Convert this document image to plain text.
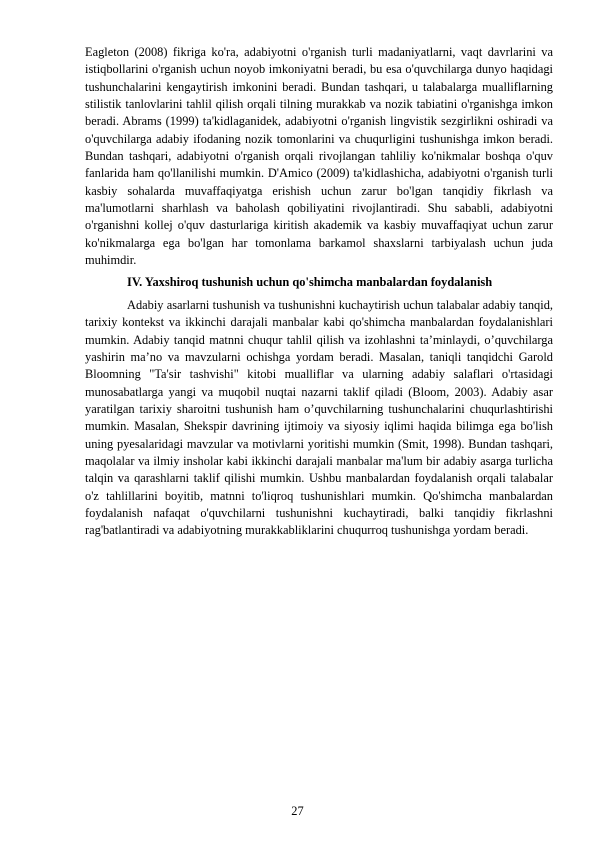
Eagleton (2008) fikriga ko'ra, adabiyotni o'rganish turli madaniyatlarni, vaqt davrlarini va istiqbollarini o'rganish uchun noyob imkoniyatni beradi, bu esa o'quvchilarga dunyo haqidagi tushunchalarini kengaytirish imkonini beradi. Bundan tashqari, u talabalarga mualliflarning stilistik tanlovlarini tahlil qilish orqali tilning murakkab va nozik tabiatini o'rganishga imkon beradi. Abrams (1999) ta'kidlaganidek, adabiyotni o'rganish lingvistik sezgirlikni oshiradi va o'quvchilarga adabiy ifodaning nozik tomonlarini va chuqurligini tushunishga imkon beradi. Bundan tashqari, adabiyotni o'rganish orqali rivojlangan tahliliy ko'nikmalar boshqa o'quv fanlarida ham qo'llanilishi mumkin. D'Amico (2009) ta'kidlashicha, adabiyotni o'rganish turli kasbiy sohalarda muvaffaqiyatga erishish uchun zarur bo'lgan tanqidiy fikrlash va ma'lumotlarni sharhlash va baholash qobiliyatini rivojlantiradi. Shu sababli, adabiyotni o'rganishni kollej o'quv dasturlariga kiritish akademik va kasbiy muvaffaqiyat uchun zarur ko'nikmalarga ega bo'lgan har tomonlama barkamol shaxslarni tarbiyalash uchun juda muhimdir.

IV. Yaxshiroq tushunish uchun qo'shimcha manbalardan foydalanish

Adabiy asarlarni tushunish va tushunishni kuchaytirish uchun talabalar adabiy tanqid, tarixiy kontekst va ikkinchi darajali manbalar kabi qo'shimcha manbalardan foydalanishlari mumkin. Adabiy tanqid matnni chuqur tahlil qilish va izohlashni ta’minlaydi, o’quvchilarga yashirin ma’no va mavzularni ochishga yordam beradi. Masalan, taniqli tanqidchi Garold Bloomning "Ta'sir tashvishi" kitobi mualliflar va ularning adabiy salaflari o'rtasidagi munosabatlarga yangi va muqobil nuqtai nazarni taklif qiladi (Bloom, 2003). Adabiy asar yaratilgan tarixiy sharoitni tushunish ham o’quvchilarning tushunchalarini chuqurlashtirishi mumkin. Masalan, Shekspir davrining ijtimoiy va siyosiy iqlimi haqida bilimga ega bo'lish uning pyesalaridagi mavzular va motivlarni yoritishi mumkin (Smit, 1998). Bundan tashqari, maqolalar va ilmiy insholar kabi ikkinchi darajali manbalar ma'lum bir adabiy asarga turlicha talqin va qarashlarni taklif qilishi mumkin. Ushbu manbalardan foydalanish orqali talabalar o'z tahlillarini boyitib, matnni to'liqroq tushunishlari mumkin. Qo'shimcha manbalardan foydalanish nafaqat o'quvchilarni tushunishni kuchaytiradi, balki tanqidiy fikrlashni rag'batlantiradi va adabiyotning murakkabliklarini chuqurroq tushunishga yordam beradi.

27
